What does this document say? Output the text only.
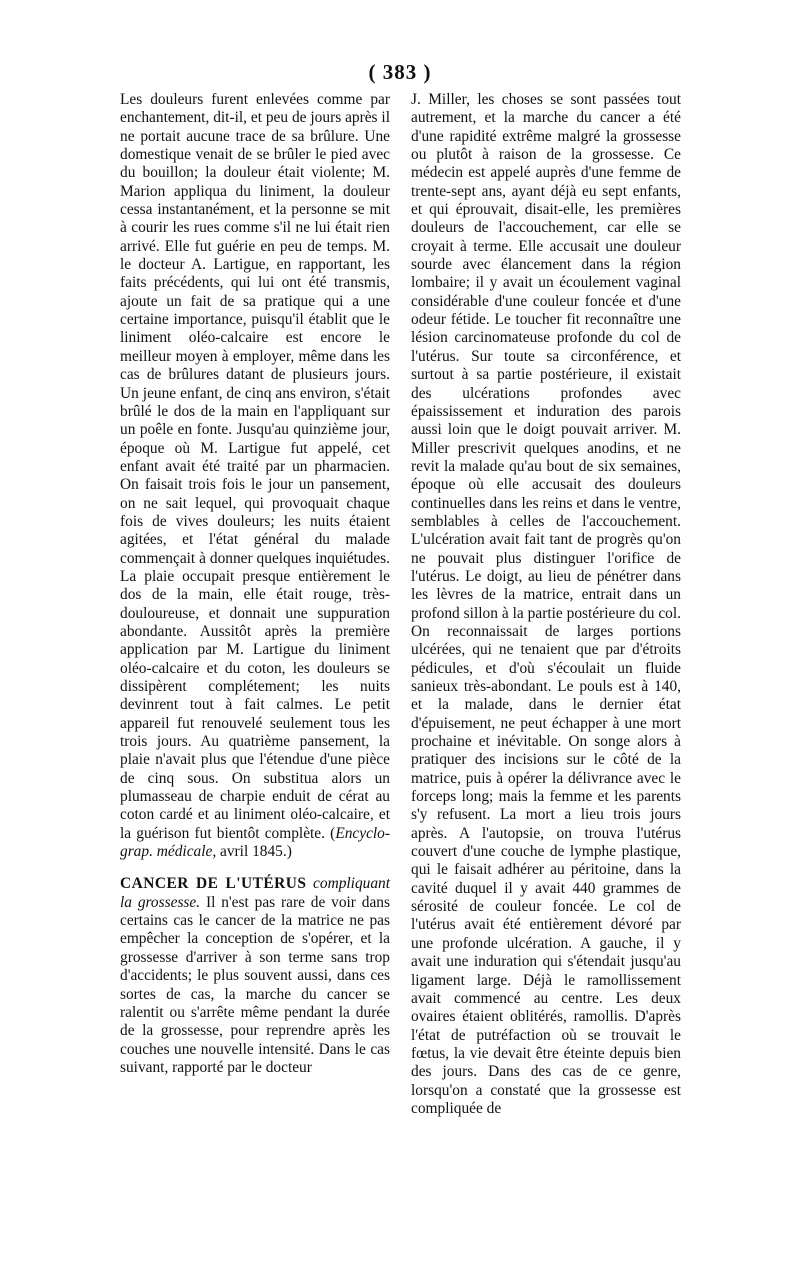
( 383 )

Les douleurs furent enlevées comme par enchantement, dit-il, et peu de jours après il ne portait aucune trace de sa brûlure. Une domestique venait de se brûler le pied avec du bouillon; la douleur était violente; M. Marion appliqua du liniment, la douleur cessa instantanément, et la personne se mit à courir les rues comme s'il ne lui était rien arrivé. Elle fut guérie en peu de temps. M. le docteur A. Lartigue, en rapportant, les faits précédents, qui lui ont été transmis, ajoute un fait de sa pratique qui a une certaine importance, puisqu'il établit que le liniment oléo-calcaire est encore le meilleur moyen à employer, même dans les cas de brûlures datant de plusieurs jours. Un jeune enfant, de cinq ans environ, s'était brûlé le dos de la main en l'appliquant sur un poêle en fonte. Jusqu'au quinzième jour, époque où M. Lartigue fut appelé, cet enfant avait été traité par un pharmacien. On faisait trois fois le jour un pansement, on ne sait lequel, qui provoquait chaque fois de vives douleurs; les nuits étaient agitées, et l'état général du malade commençait à donner quelques inquiétudes. La plaie occupait presque entièrement le dos de la main, elle était rouge, très-douloureuse, et donnait une suppuration abondante. Aussitôt après la première application par M. Lartigue du liniment oléo-calcaire et du coton, les douleurs se dissipèrent complétement; les nuits devinrent tout à fait calmes. Le petit appareil fut renouvelé seulement tous les trois jours. Au quatrième pansement, la plaie n'avait plus que l'étendue d'une pièce de cinq sous. On substitua alors un plumasseau de charpie enduit de cérat au coton cardé et au liniment oléo-calcaire, et la guérison fut bientôt complète. (Encyclo-grap. médicale, avril 1845.)

CANCER DE L'UTÉRUS compliquant la grossesse. Il n'est pas rare de voir dans certains cas le cancer de la matrice ne pas empêcher la conception de s'opérer, et la grossesse d'arriver à son terme sans trop d'accidents; le plus souvent aussi, dans ces sortes de cas, la marche du cancer se ralentit ou s'arrête même pendant la durée de la grossesse, pour reprendre après les couches une nouvelle intensité. Dans le cas suivant, rapporté par le docteur

J. Miller, les choses se sont passées tout autrement, et la marche du cancer a été d'une rapidité extrême malgré la grossesse ou plutôt à raison de la grossesse. Ce médecin est appelé auprès d'une femme de trente-sept ans, ayant déjà eu sept enfants, et qui éprouvait, disait-elle, les premières douleurs de l'accouchement, car elle se croyait à terme. Elle accusait une douleur sourde avec élancement dans la région lombaire; il y avait un écoulement vaginal considérable d'une couleur foncée et d'une odeur fétide. Le toucher fit reconnaître une lésion carcinomateuse profonde du col de l'utérus. Sur toute sa circonférence, et surtout à sa partie postérieure, il existait des ulcérations profondes avec épaississement et induration des parois aussi loin que le doigt pouvait arriver. M. Miller prescrivit quelques anodins, et ne revit la malade qu'au bout de six semaines, époque où elle accusait des douleurs continuelles dans les reins et dans le ventre, semblables à celles de l'accouchement. L'ulcération avait fait tant de progrès qu'on ne pouvait plus distinguer l'orifice de l'utérus. Le doigt, au lieu de pénétrer dans les lèvres de la matrice, entrait dans un profond sillon à la partie postérieure du col. On reconnaissait de larges portions ulcérées, qui ne tenaient que par d'étroits pédicules, et d'où s'écoulait un fluide sanieux très-abondant. Le pouls est à 140, et la malade, dans le dernier état d'épuisement, ne peut échapper à une mort prochaine et inévitable. On songe alors à pratiquer des incisions sur le côté de la matrice, puis à opérer la délivrance avec le forceps long; mais la femme et les parents s'y refusent. La mort a lieu trois jours après. A l'autopsie, on trouva l'utérus couvert d'une couche de lymphe plastique, qui le faisait adhérer au péritoine, dans la cavité duquel il y avait 440 grammes de sérosité de couleur foncée. Le col de l'utérus avait été entièrement dévoré par une profonde ulcération. A gauche, il y avait une induration qui s'étendait jusqu'au ligament large. Déjà le ramollissement avait commencé au centre. Les deux ovaires étaient oblitérés, ramollis. D'après l'état de putréfaction où se trouvait le fœtus, la vie devait être éteinte depuis bien des jours. Dans des cas de ce genre, lorsqu'on a constaté que la grossesse est compliquée de
